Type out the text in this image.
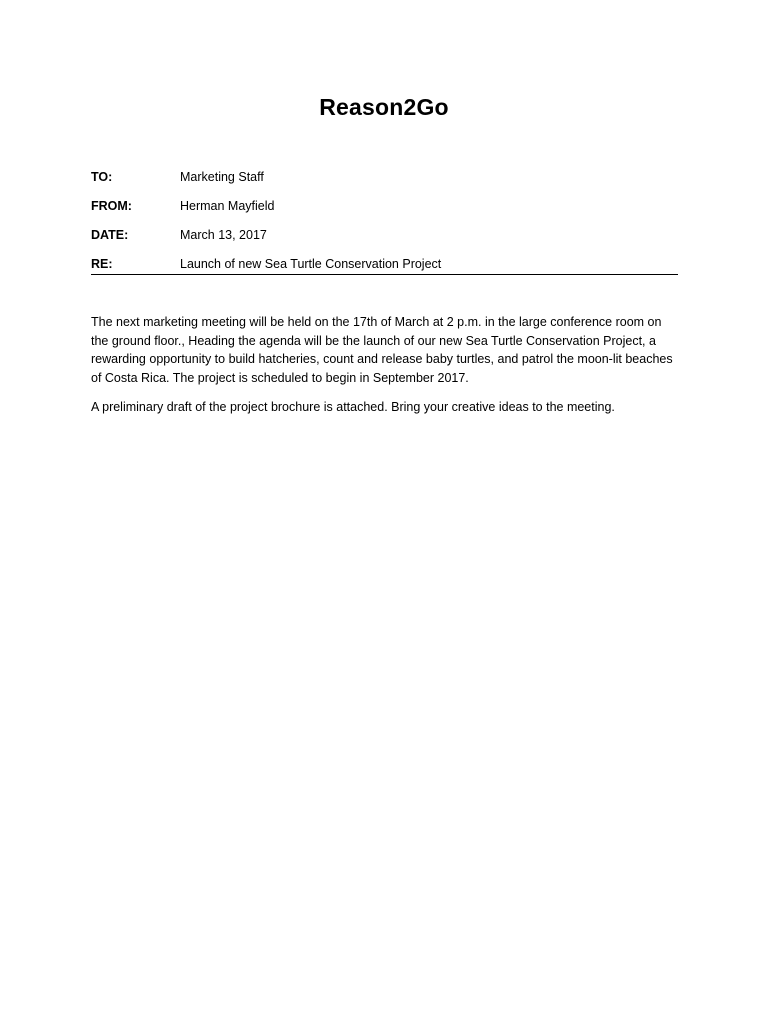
Reason2Go
TO:	Marketing Staff
FROM:	Herman Mayfield
DATE:	March 13, 2017
RE:	Launch of new Sea Turtle Conservation Project

The next marketing meeting will be held on the 17th of March at 2 p.m. in the large conference room on the ground floor., Heading the agenda will be the launch of our new Sea Turtle Conservation Project, a rewarding opportunity to build hatcheries, count and release baby turtles, and patrol the moon-lit beaches of Costa Rica. The project is scheduled to begin in September 2017.

A preliminary draft of the project brochure is attached. Bring your creative ideas to the meeting.
